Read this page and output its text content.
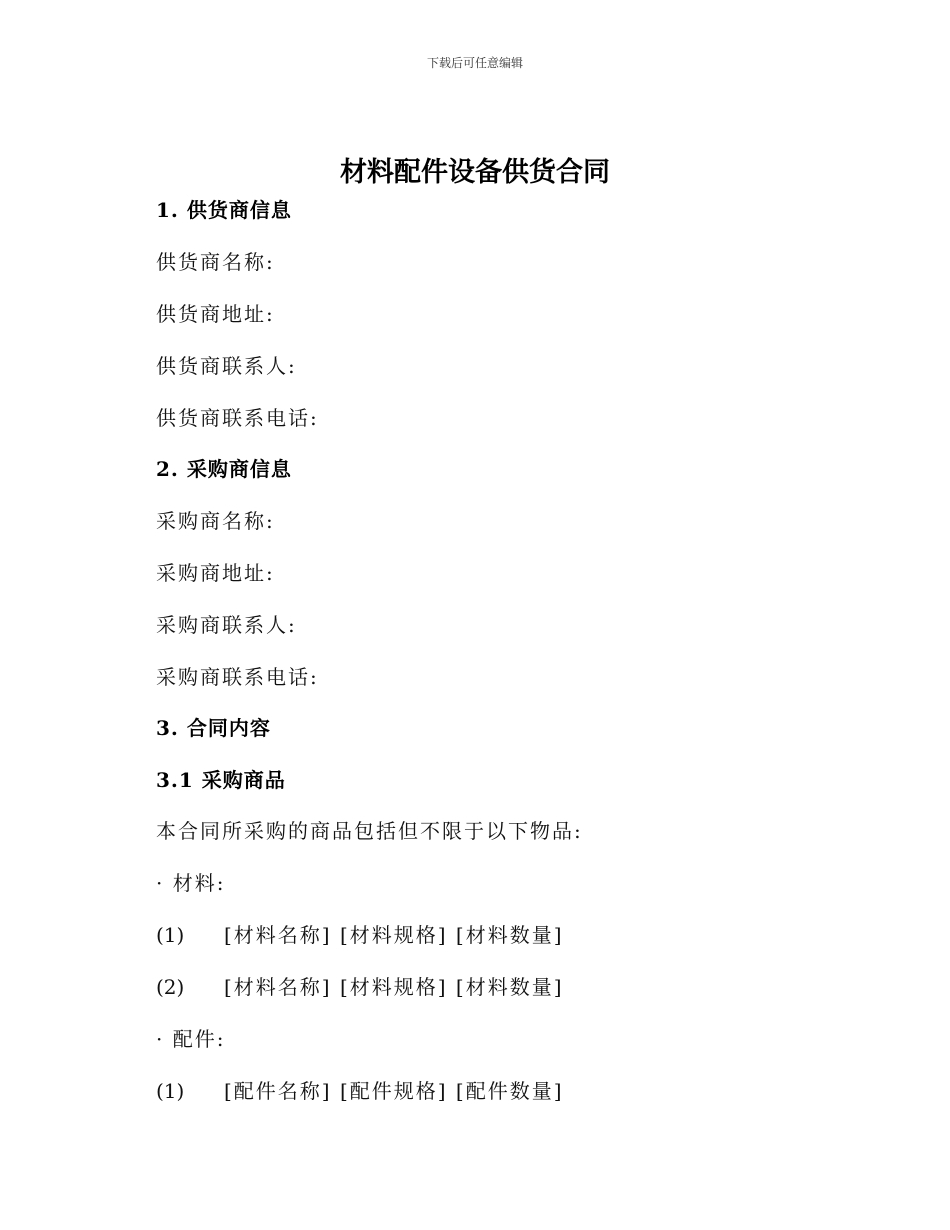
下载后可任意编辑
材料配件设备供货合同
1. 供货商信息
供货商名称:
供货商地址:
供货商联系人:
供货商联系电话:
2. 采购商信息
采购商名称:
采购商地址:
采购商联系人:
采购商联系电话:
3. 合同内容
3.1 采购商品
本合同所采购的商品包括但不限于以下物品:
· 材料:
(1) [材料名称] [材料规格] [材料数量]
(2) [材料名称] [材料规格] [材料数量]
· 配件:
(1) [配件名称] [配件规格] [配件数量]
